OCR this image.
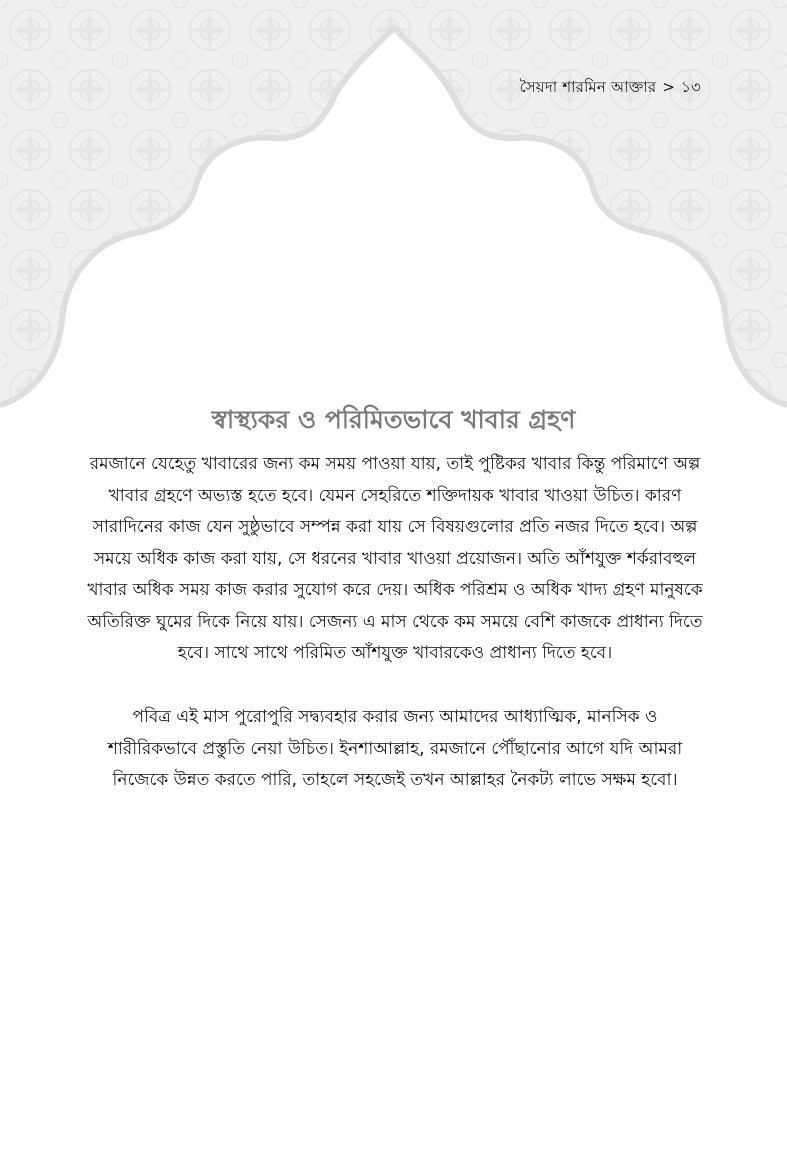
সৈয়দা শারমিন আক্তার > ১৩
স্বাস্থ্যকর ও পরিমিতভাবে খাবার গ্রহণ

রমজানে যেহেতু খাবারের জন্য কম সময় পাওয়া যায়, তাই পুষ্টিকর খাবার কিন্তু পরিমাণে অল্প খাবার গ্রহণে অভ্যস্ত হতে হবে। যেমন সেহরিতে শক্তিদায়ক খাবার খাওয়া উচিত। কারণ সারাদিনের কাজ যেন সুষ্ঠুভাবে সম্পন্ন করা যায় সে বিষয়গুলোর প্রতি নজর দিতে হবে। অল্প সময়ে অধিক কাজ করা যায়, সে ধরনের খাবার খাওয়া প্রয়োজন। অতি আঁশযুক্ত শর্করাবহুল খাবার অধিক সময় কাজ করার সুযোগ করে দেয়। অধিক পরিশ্রম ও অধিক খাদ্য গ্রহণ মানুষকে অতিরিক্ত ঘুমের দিকে নিয়ে যায়। সেজন্য এ মাস থেকে কম সময়ে বেশি কাজকে প্রাধান্য দিতে হবে। সাথে সাথে পরিমিত আঁশযুক্ত খাবারকেও প্রাধান্য দিতে হবে।

পবিত্র এই মাস পুরোপুরি সদ্ব্যবহার করার জন্য আমাদের আধ্যাত্মিক, মানসিক ও শারীরিকভাবে প্রস্তুতি নেয়া উচিত। ইনশাআল্লাহ, রমজানে পৌঁছানোর আগে যদি আমরা নিজেকে উন্নত করতে পারি, তাহলে সহজেই তখন আল্লাহর নৈকট্য লাভে সক্ষম হবো।
